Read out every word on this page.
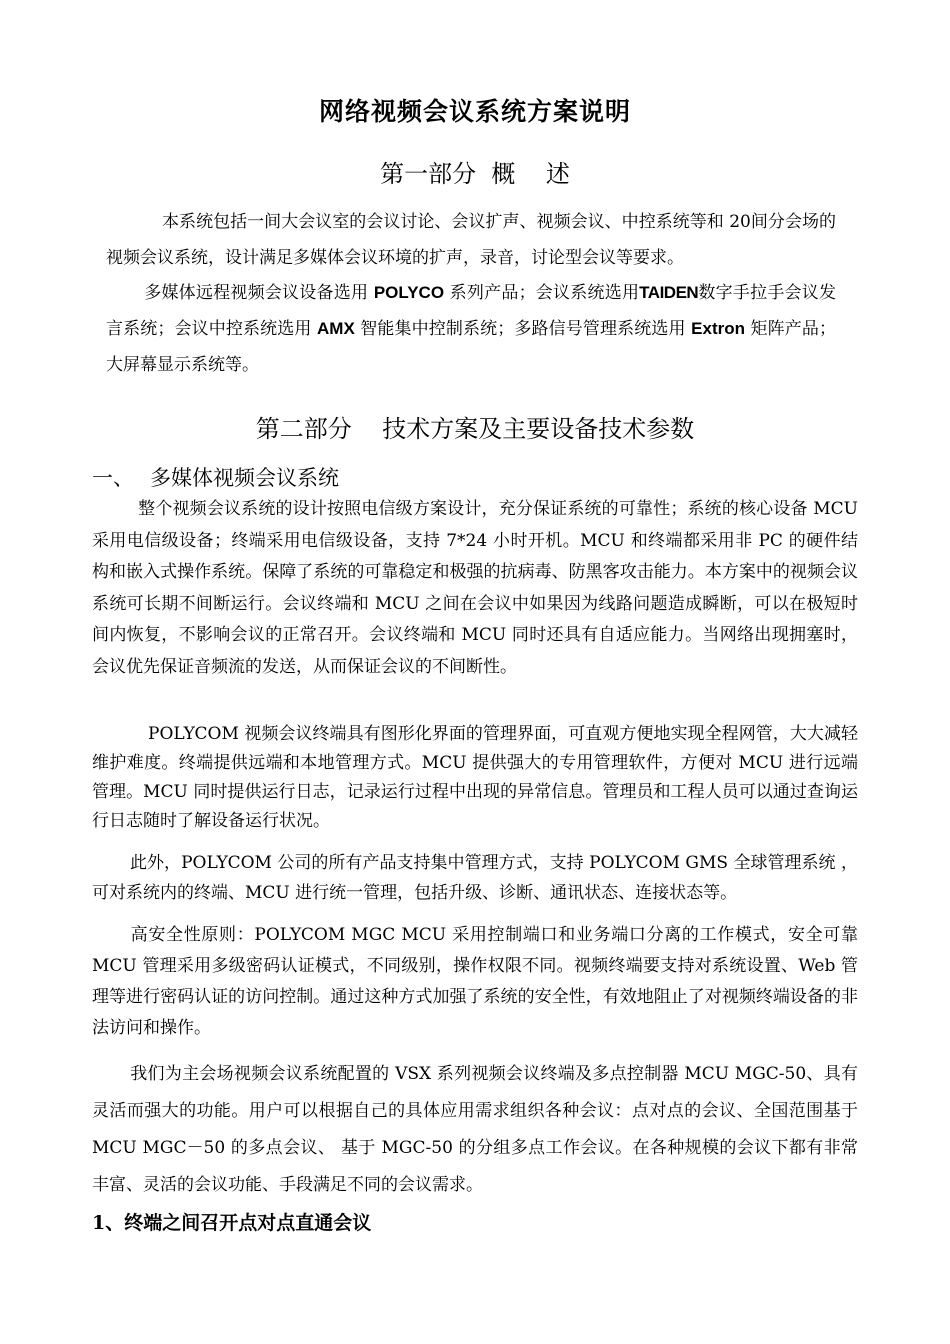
网络视频会议系统方案说明
第一部分  概    述

本系统包括一间大会议室的会议讨论、会议扩声、视频会议、中控系统等和 20间分会场的视频会议系统，设计满足多媒体会议环境的扩声，录音，讨论型会议等要求。

多媒体远程视频会议设备选用 POLYCO 系列产品；会议系统选用TAIDEN数字手拉手会议发言系统；会议中控系统选用 AMX 智能集中控制系统；多路信号管理系统选用 Extron 矩阵产品；大屏幕显示系统等。

第二部分    技术方案及主要设备技术参数
一、 多媒体视频会议系统

整个视频会议系统的设计按照电信级方案设计，充分保证系统的可靠性；系统的核心设备 MCU 采用电信级设备；终端采用电信级设备，支持 7*24 小时开机。MCU 和终端都采用非 PC 的硬件结构和嵌入式操作系统。保障了系统的可靠稳定和极强的抗病毒、防黑客攻击能力。本方案中的视频会议系统可长期不间断运行。会议终端和 MCU 之间在会议中如果因为线路问题造成瞬断，可以在极短时间内恢复，不影响会议的正常召开。会议终端和 MCU 同时还具有自适应能力。当网络出现拥塞时，会议优先保证音频流的发送，从而保证会议的不间断性。

POLYCOM 视频会议终端具有图形化界面的管理界面，可直观方便地实现全程网管，大大减轻维护难度。终端提供远端和本地管理方式。MCU 提供强大的专用管理软件，方便对 MCU 进行远端管理。MCU 同时提供运行日志，记录运行过程中出现的异常信息。管理员和工程人员可以通过查询运行日志随时了解设备运行状况。

此外，POLYCOM 公司的所有产品支持集中管理方式，支持 POLYCOM GMS 全球管理系统 ，可对系统内的终端、MCU 进行统一管理，包括升级、诊断、通讯状态、连接状态等。

高安全性原则：POLYCOM MGC MCU 采用控制端口和业务端口分离的工作模式，安全可靠 MCU 管理采用多级密码认证模式，不同级别，操作权限不同。视频终端要支持对系统设置、Web 管理等进行密码认证的访问控制。通过这种方式加强了系统的安全性，有效地阻止了对视频终端设备的非法访问和操作。

我们为主会场视频会议系统配置的 VSX 系列视频会议终端及多点控制器 MCU MGC-50、具有灵活而强大的功能。用户可以根据自己的具体应用需求组织各种会议：点对点的会议、全国范围基于 MCU MGC－50 的多点会议、 基于 MGC-50 的分组多点工作会议。在各种规模的会议下都有非常丰富、灵活的会议功能、手段满足不同的会议需求。

1、终端之间召开点对点直通会议
